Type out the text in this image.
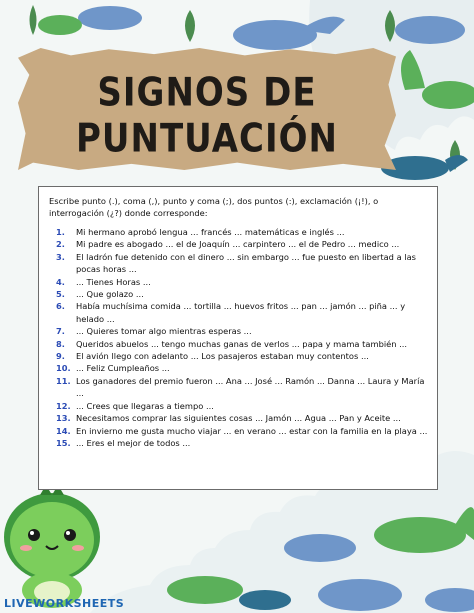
SIGNOS DE PUNTUACIÓN
Escribe punto (.), coma (,), punto y coma (;), dos puntos (:), exclamación (¡!), o interrogación (¿?) donde corresponde:
1.	Mi hermano aprobó lengua ... francés ... matemáticas e inglés ...
2.	Mi padre es abogado ... el de Joaquín ... carpintero ... el de Pedro ... medico ...
3.	El ladrón fue detenido con el dinero ... sin embargo ... fue puesto en libertad a las pocas horas ...
4.	... Tienes Horas ...
5.	... Que golazo ...
6.	Había muchísima comida ... tortilla ... huevos fritos ... pan ... jamón ... piña ... y helado ...
7.	... Quieres tomar algo mientras esperas ...
8.	Queridos abuelos ... tengo muchas ganas de verlos ... papa y mama también ...
9.	El avión llego con adelanto ... Los pasajeros estaban muy contentos ...
10. ... Feliz Cumpleaños ...
11. Los ganadores del premio fueron ... Ana ... José ... Ramón ... Danna ... Laura y María ...
12. ... Crees que llegaras a tiempo ...
13. Necesitamos comprar las siguientes cosas ... Jamón ... Agua ... Pan y Aceite ...
14. En invierno me gusta mucho viajar ... en verano ... estar con la familia en la playa ...
15. ... Eres el mejor de todos ...
LIVEWORKSHEETS
